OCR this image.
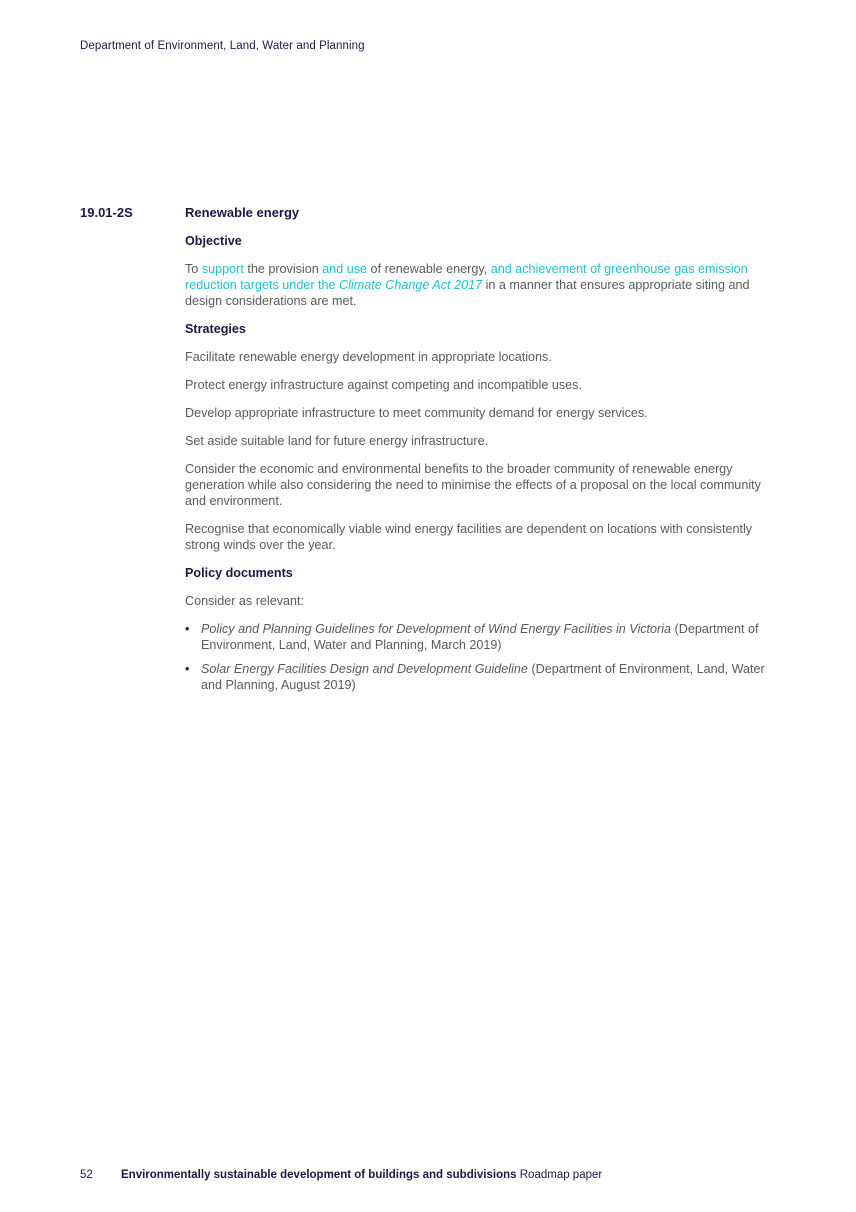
Department of Environment, Land, Water and Planning
19.01-2S	Renewable energy
Objective

To support the provision and use of renewable energy, and achievement of greenhouse gas emission reduction targets under the Climate Change Act 2017 in a manner that ensures appropriate siting and design considerations are met.

Strategies

Facilitate renewable energy development in appropriate locations.

Protect energy infrastructure against competing and incompatible uses.

Develop appropriate infrastructure to meet community demand for energy services.

Set aside suitable land for future energy infrastructure.

Consider the economic and environmental benefits to the broader community of renewable energy generation while also considering the need to minimise the effects of a proposal on the local community and environment.

Recognise that economically viable wind energy facilities are dependent on locations with consistently strong winds over the year.

Policy documents

Consider as relevant:

• Policy and Planning Guidelines for Development of Wind Energy Facilities in Victoria (Department of Environment, Land, Water and Planning, March 2019)
• Solar Energy Facilities Design and Development Guideline (Department of Environment, Land, Water and Planning, August 2019)
52 Environmentally sustainable development of buildings and subdivisions Roadmap paper
